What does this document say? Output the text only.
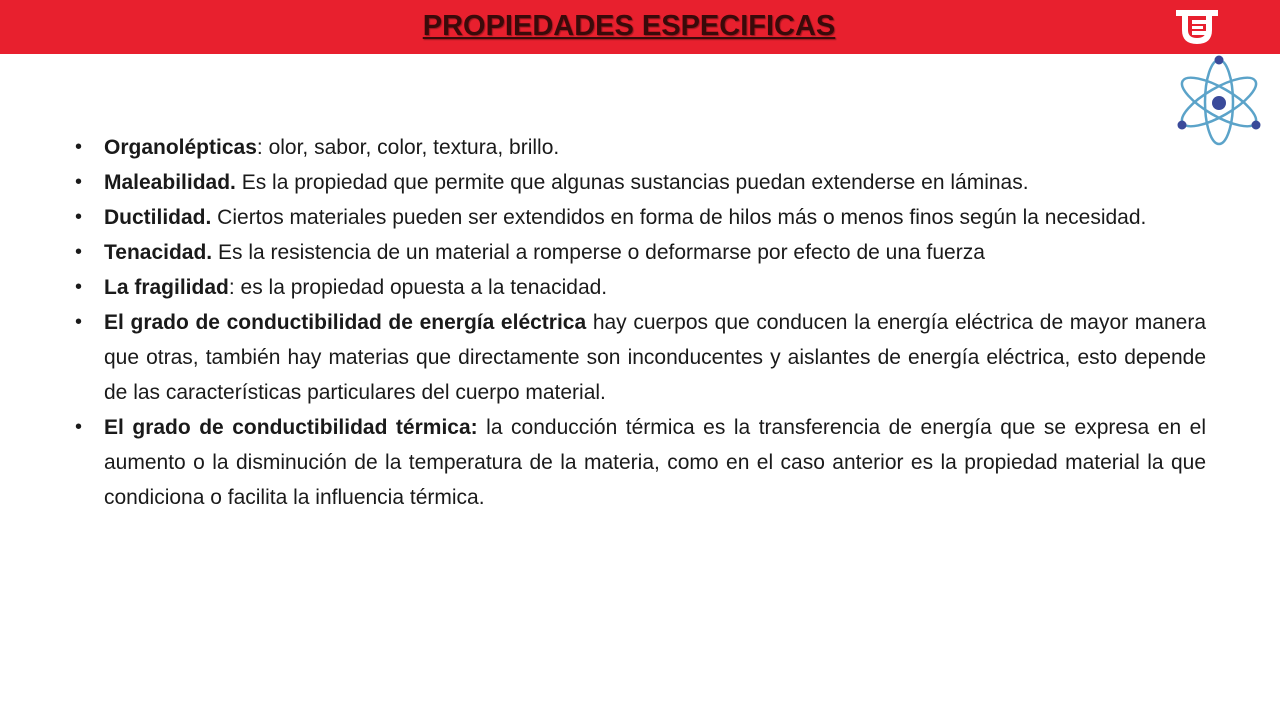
PROPIEDADES ESPECIFICAS
• Organolépticas: olor, sabor, color, textura, brillo.
• Maleabilidad. Es la propiedad que permite que algunas sustancias puedan extenderse en láminas.
• Ductilidad. Ciertos materiales pueden ser extendidos en forma de hilos más o menos finos según la necesidad.
• Tenacidad. Es la resistencia de un material a romperse o deformarse por efecto de una fuerza
• La fragilidad: es la propiedad opuesta a la tenacidad.
• El grado de conductibilidad de energía eléctrica hay cuerpos que conducen la energía eléctrica de mayor manera que otras, también hay materias que directamente son inconducentes y aislantes de energía eléctrica, esto depende de las características particulares del cuerpo material.
• El grado de conductibilidad térmica: la conducción térmica es la transferencia de energía que se expresa en el aumento o la disminución de la temperatura de la materia, como en el caso anterior es la propiedad material la que condiciona o facilita la influencia térmica.
